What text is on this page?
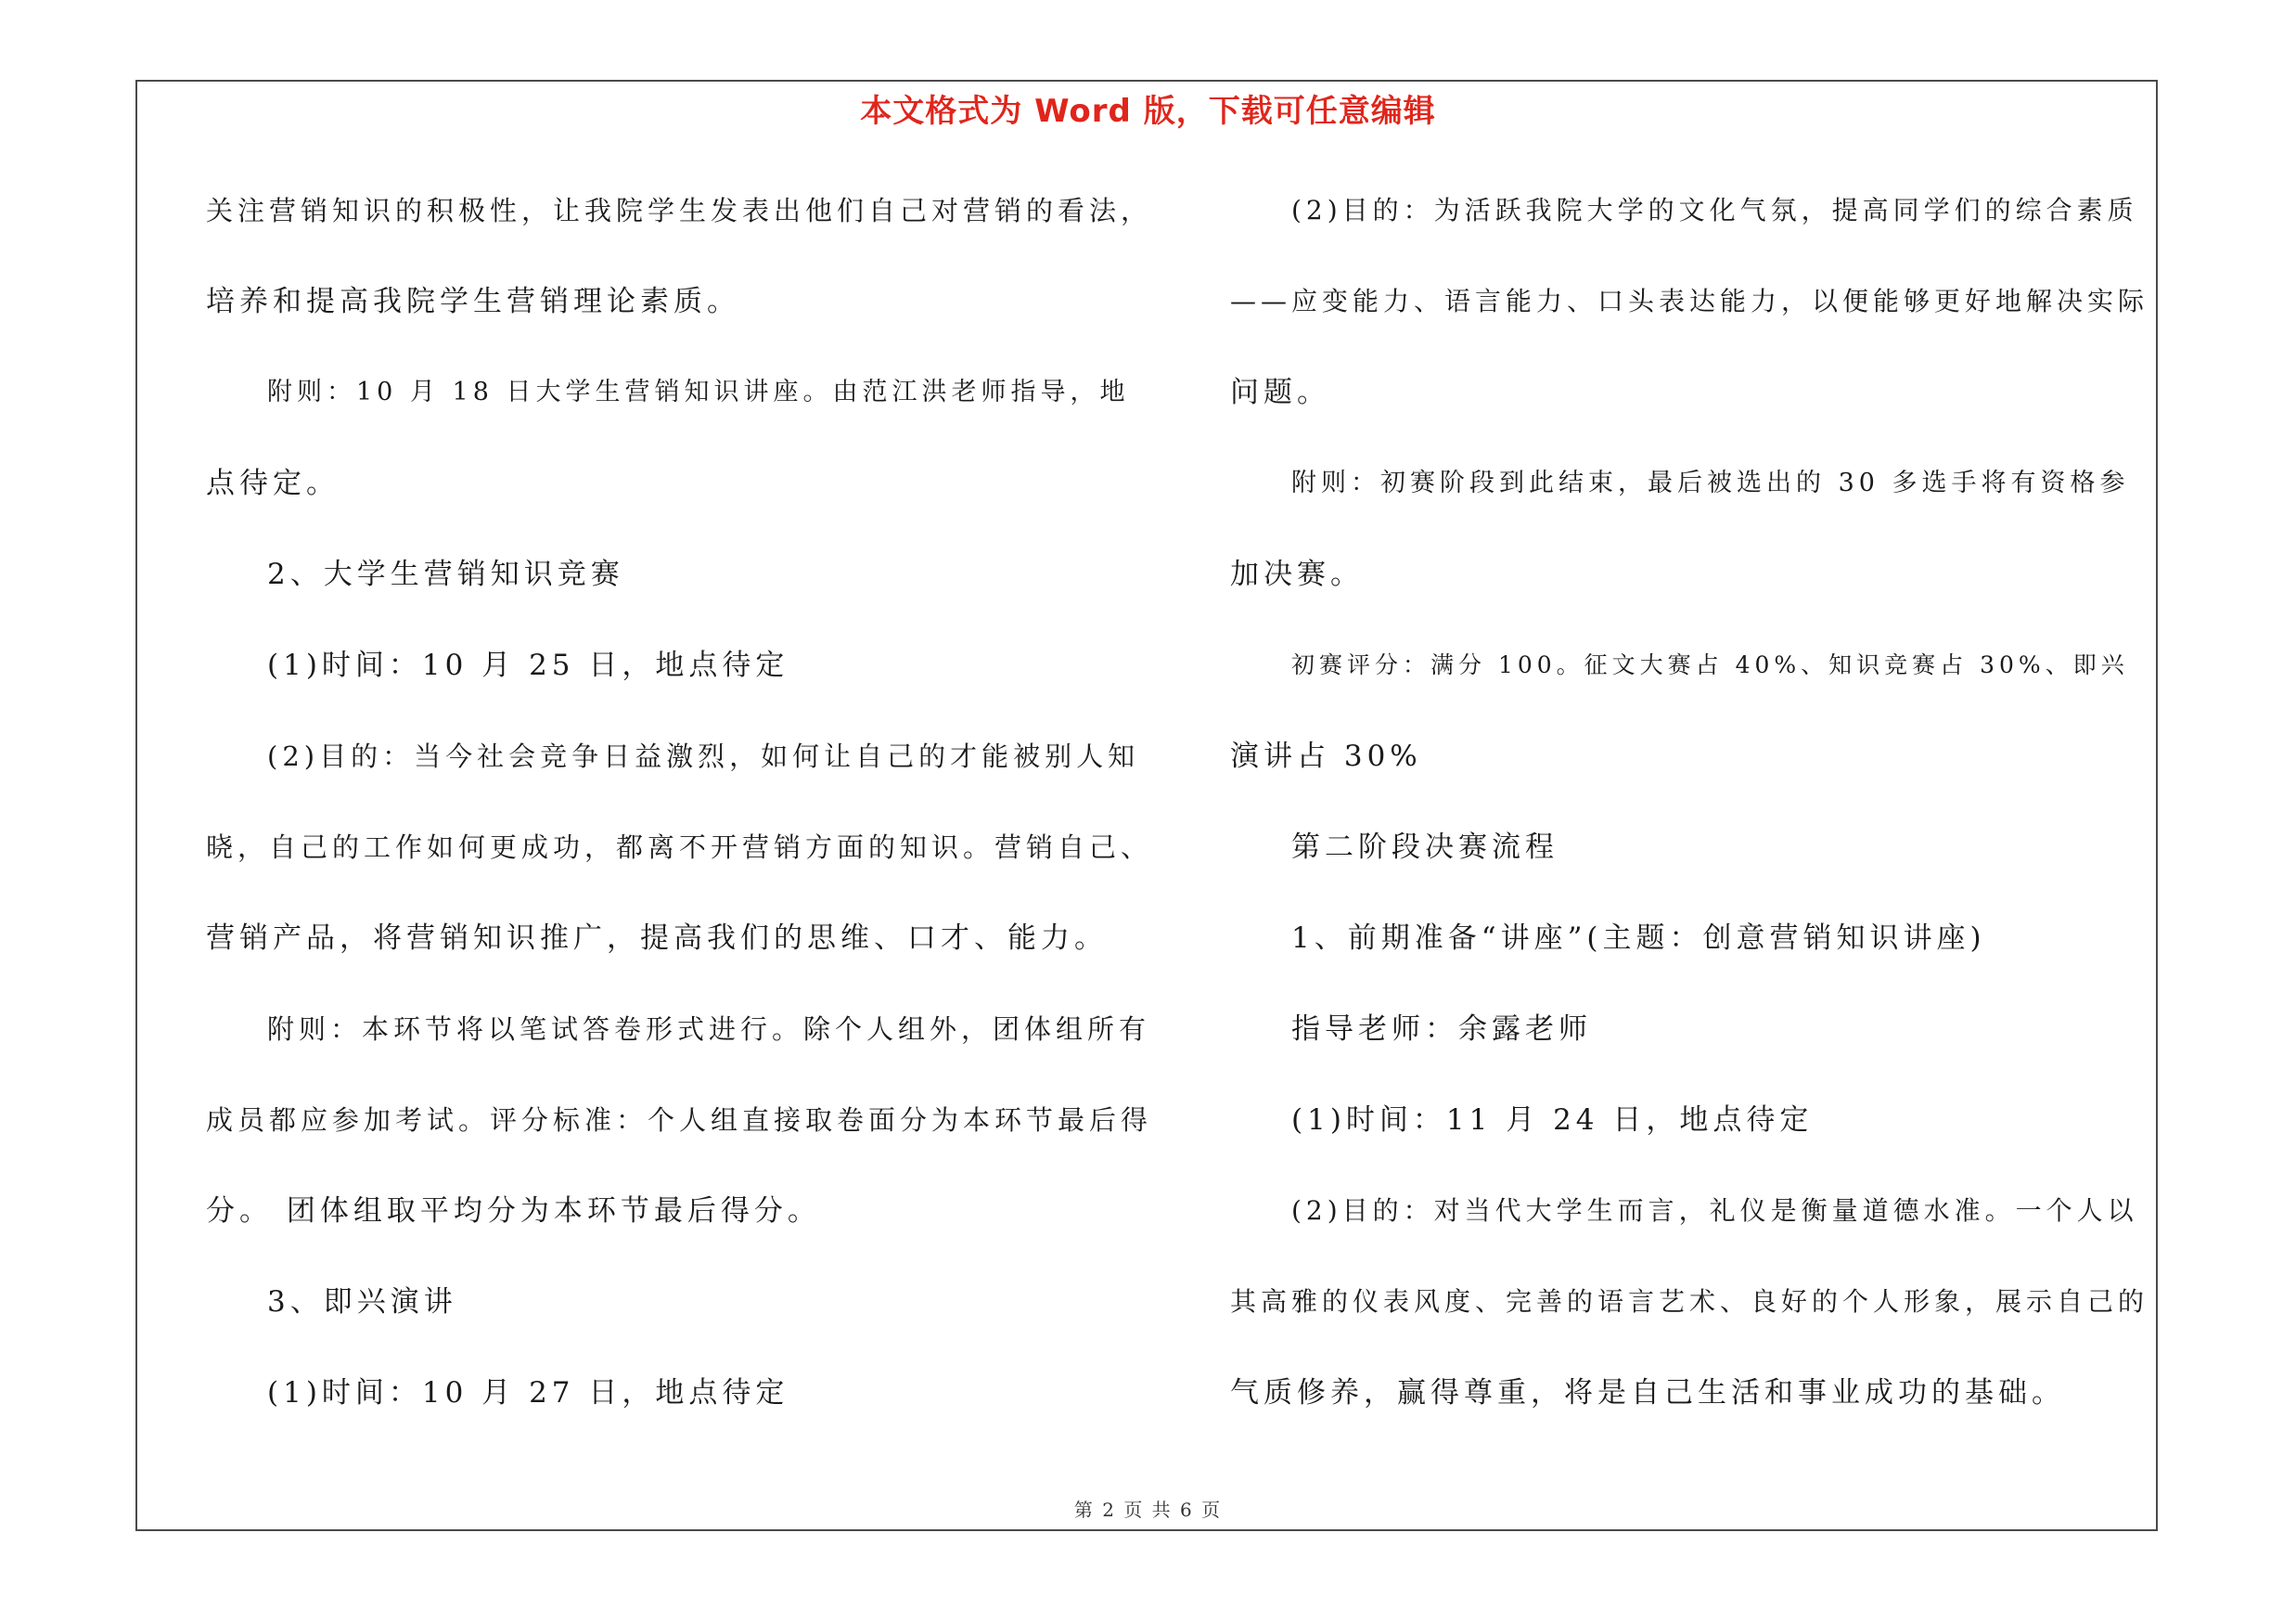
本文格式为 Word 版，下载可任意编辑
关注营销知识的积极性，让我院学生发表出他们自己对营销的看法，
培养和提高我院学生营销理论素质。
附则：10 月 18 日大学生营销知识讲座。由范江洪老师指导，地
点待定。
2、大学生营销知识竞赛
(1)时间：10 月 25 日，地点待定
(2)目的：当今社会竞争日益激烈，如何让自己的才能被别人知
晓，自己的工作如何更成功，都离不开营销方面的知识。营销自己、
营销产品，将营销知识推广，提高我们的思维、口才、能力。
附则：本环节将以笔试答卷形式进行。除个人组外，团体组所有
成员都应参加考试。评分标准：个人组直接取卷面分为本环节最后得
分。 团体组取平均分为本环节最后得分。
3、即兴演讲
(1)时间：10 月 27 日，地点待定
(2)目的：为活跃我院大学的文化气氛，提高同学们的综合素质
——应变能力、语言能力、口头表达能力，以便能够更好地解决实际
问题。
附则：初赛阶段到此结束，最后被选出的 30 多选手将有资格参
加决赛。
初赛评分：满分 100。征文大赛占 40%、知识竞赛占 30%、即兴
演讲占 30%
第二阶段决赛流程
1、前期准备“讲座”(主题：创意营销知识讲座)
指导老师：余露老师
(1)时间：11 月 24 日，地点待定
(2)目的：对当代大学生而言，礼仪是衡量道德水准。一个人以
其高雅的仪表风度、完善的语言艺术、良好的个人形象，展示自己的
气质修养，赢得尊重，将是自己生活和事业成功的基础。
第 2 页 共 6 页
